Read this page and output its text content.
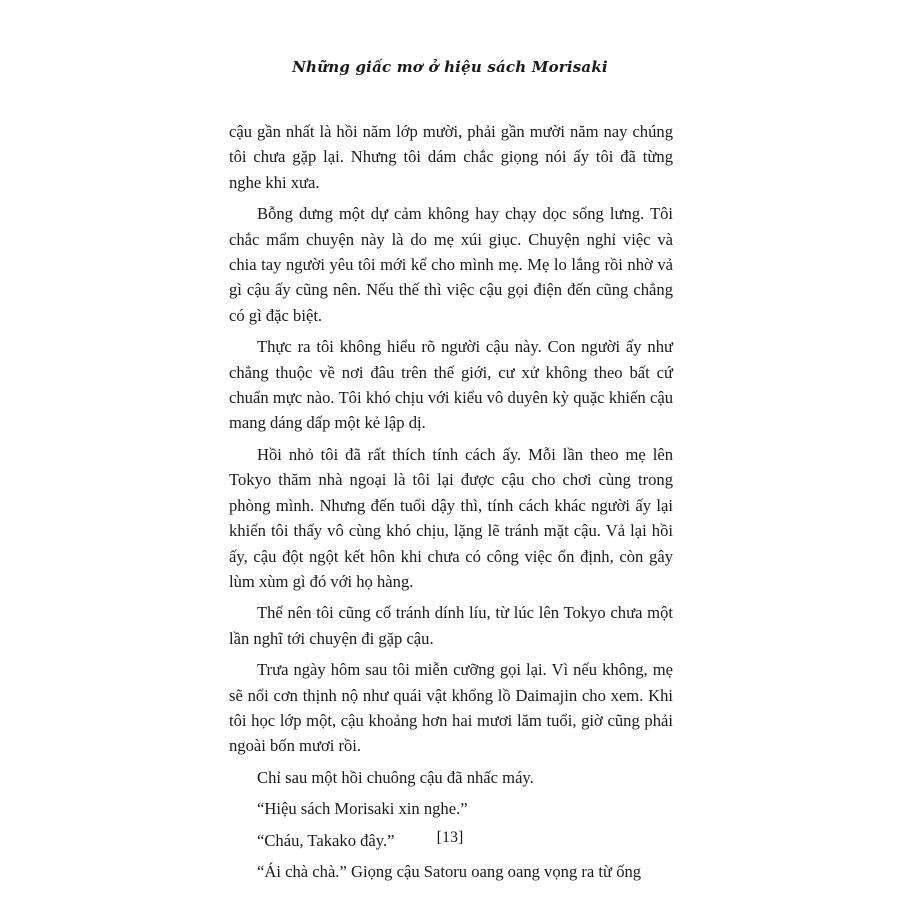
Những giấc mơ ở hiệu sách Morisaki

cậu gần nhất là hồi năm lớp mười, phải gần mười năm nay chúng tôi chưa gặp lại. Nhưng tôi dám chắc giọng nói ấy tôi đã từng nghe khi xưa.

Bỗng dưng một dự cảm không hay chạy dọc sống lưng. Tôi chắc mẩm chuyện này là do mẹ xúi giục. Chuyện nghỉ việc và chia tay người yêu tôi mới kể cho mình mẹ. Mẹ lo lắng rồi nhờ vả gì cậu ấy cũng nên. Nếu thế thì việc cậu gọi điện đến cũng chẳng có gì đặc biệt.

Thực ra tôi không hiểu rõ người cậu này. Con người ấy như chẳng thuộc về nơi đâu trên thế giới, cư xử không theo bất cứ chuẩn mực nào. Tôi khó chịu với kiểu vô duyên kỳ quặc khiến cậu mang dáng dấp một kẻ lập dị.

Hồi nhỏ tôi đã rất thích tính cách ấy. Mỗi lần theo mẹ lên Tokyo thăm nhà ngoại là tôi lại được cậu cho chơi cùng trong phòng mình. Nhưng đến tuổi dậy thì, tính cách khác người ấy lại khiến tôi thấy vô cùng khó chịu, lặng lẽ tránh mặt cậu. Vả lại hồi ấy, cậu đột ngột kết hôn khi chưa có công việc ổn định, còn gây lùm xùm gì đó với họ hàng.

Thế nên tôi cũng cố tránh dính líu, từ lúc lên Tokyo chưa một lần nghĩ tới chuyện đi gặp cậu.

Trưa ngày hôm sau tôi miễn cưỡng gọi lại. Vì nếu không, mẹ sẽ nổi cơn thịnh nộ như quái vật khổng lồ Daimajin cho xem. Khi tôi học lớp một, cậu khoảng hơn hai mươi lăm tuổi, giờ cũng phải ngoài bốn mươi rồi.

Chỉ sau một hồi chuông cậu đã nhấc máy.

“Hiệu sách Morisaki xin nghe.”

“Cháu, Takako đây.”

“Ái chà chà.” Giọng cậu Satoru oang oang vọng ra từ ống

[13]
